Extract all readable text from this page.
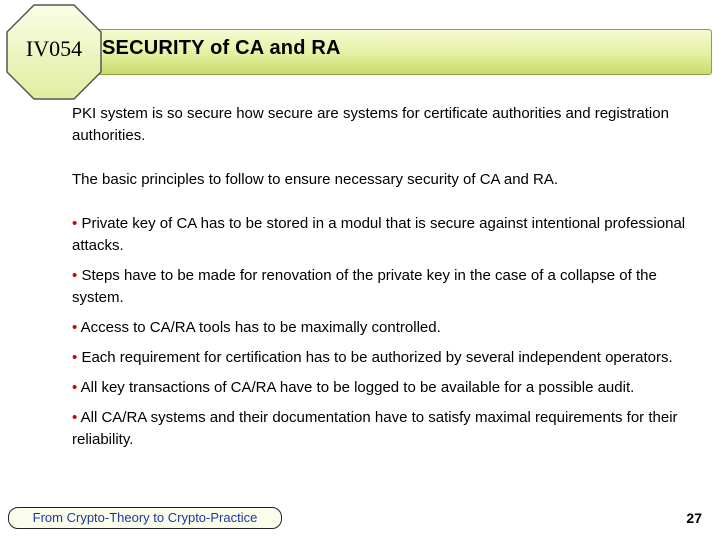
IV054 SECURITY of CA and RA

PKI system is so secure how secure are systems for certificate authorities and registration authorities.

The basic principles to follow to ensure necessary security of CA and RA.

• Private key of CA has to be stored in a modul that is secure against intentional professional attacks.

• Steps have to be made for renovation of the private key in the case of a collapse of the system.

• Access to CA/RA tools has to be maximally controlled.

• Each requirement for certification has to be authorized by several independent operators.

• All key transactions of CA/RA have to be logged to be available for a possible audit.

• All CA/RA systems and their documentation have to satisfy maximal requirements for their reliability.

From Crypto-Theory to Crypto-Practice	27
